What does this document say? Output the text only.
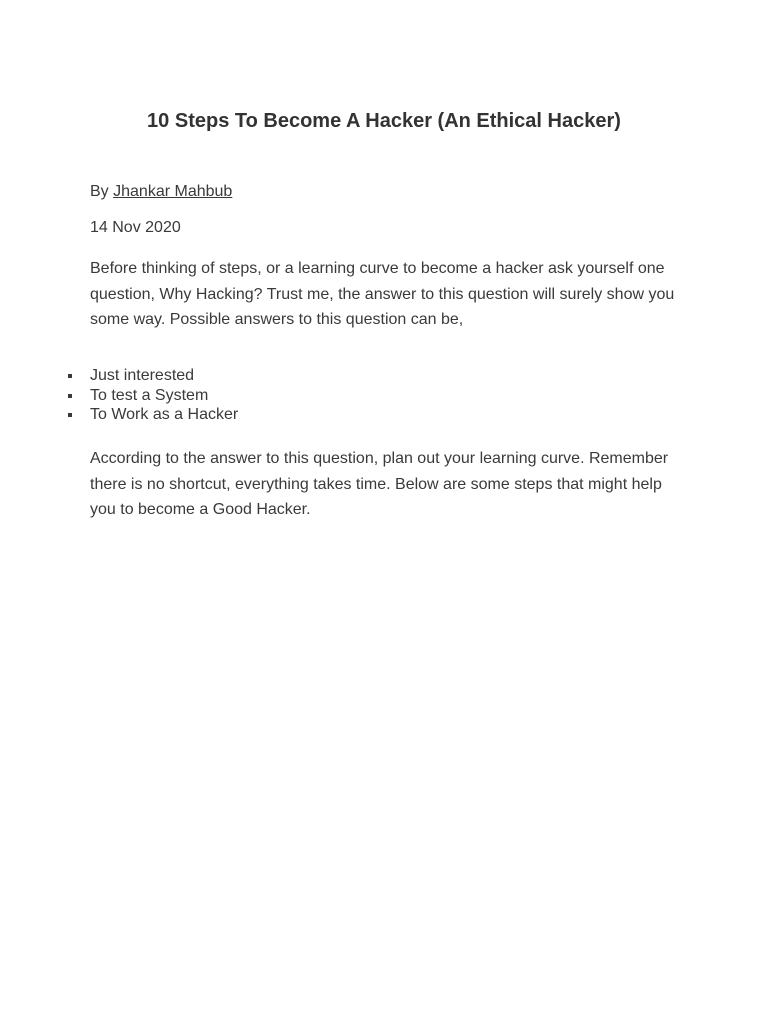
10 Steps To Become A Hacker (An Ethical Hacker)

By Jhankar Mahbub

14 Nov 2020

Before thinking of steps, or a learning curve to become a hacker ask yourself one question, Why Hacking? Trust me, the answer to this question will surely show you some way. Possible answers to this question can be,

Just interested
To test a System
To Work as a Hacker

According to the answer to this question, plan out your learning curve. Remember there is no shortcut, everything takes time. Below are some steps that might help you to become a Good Hacker.
